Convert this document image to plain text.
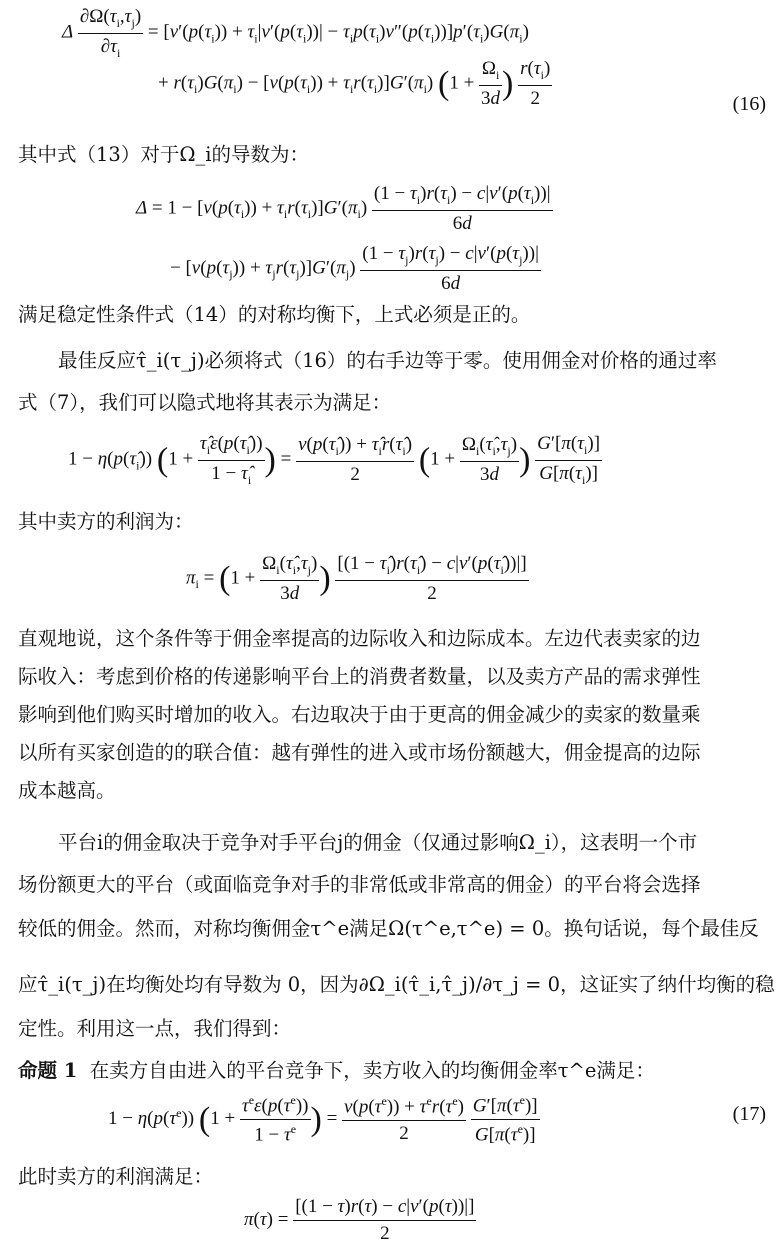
Δ $\frac{\partial\Omega(\tau_i,\tau_j)}{\partial\tau_i} = [v'(p(\tau_i)) + \tau_i|v'(p(\tau_i))| - \tau_ip(\tau_i)v''(p(\tau_i))]p'(\tau_i)G(\pi_i)$
+ $r(\tau_i)G(\pi_i) - [v(p(\tau_i)) + \tau_ir(\tau_i)]G'(\pi_i) (1 + \frac{\Omega_i}{3d}$ ) $\frac{r(\tau_i)}{2}$	(16)
其中式（13）对于Ω_i的导数为：
$\Delta = 1 - [v(p(\tau_i)) + \tau_ir(\tau_i)]G'(\pi_i) \frac{(1 - \tau_i)r(\tau_i) - c|v'(p(\tau_i))|}{6d}$
− $[v(p(\tau_j)) + \tau_jr(\tau_j)]G'(\pi_j) \frac{(1 - \tau_j)r(\tau_j) - c|v'(p(\tau_j))|}{6d}$
满足稳定性条件式（14）的对称均衡下，上式必须是正的。
最佳反应τ̂_i(τ_j)必须将式（16）的右手边等于零。使用佣金对价格的通过率
式（7），我们可以隐式地将其表示为满足：
$1 - \eta(p(\taû_i)) (1 + \frac{\taû_i\varepsilon(p(\taû_i))}{1 - \taû_i}$ ) = $\frac{v(p(\taû_i)) + \taû_ir(\taû_i)}{2} (1 + \frac{\Omega_i(\taû_i,\tau_j)}{3d}$ ) $\frac{G'[\pi(\tau_i)]}{G[\pi(\tau_i)]}$
其中卖方的利润为：
$\pi_i = (1 + \frac{\Omega_i(\taû_i,\tau_j)}{3d}$ ) $\frac{[(1 - \taû_i)r(\taû_i) - c|v'(p(\taû_i))|]}{2}$
直观地说，这个条件等于佣金率提高的边际收入和边际成本。左边代表卖家的边
际收入：考虑到价格的传递影响平台上的消费者数量，以及卖方产品的需求弹性
影响到他们购买时增加的收入。右边取决于由于更高的佣金减少的卖家的数量乘
以所有买家创造的的联合值：越有弹性的进入或市场份额越大，佣金提高的边际
成本越高。
平台i的佣金取决于竞争对手平台j的佣金（仅通过影响Ω_i），这表明一个市
场份额更大的平台（或面临竞争对手的非常低或非常高的佣金）的平台将会选择
较低的佣金。然而，对称均衡佣金τ^e满足Ω(τ^e,τ^e) = 0。换句话说，每个最佳反
应τ̂_i(τ_j)在均衡处均有导数为 0，因为∂Ω_i(τ̂_i,τ̂_j)/∂τ_j = 0，这证实了纳什均衡的稳
定性。利用这一点，我们得到：
命题 1 在卖方自由进入的平台竞争下，卖方收入的均衡佣金率τ^e满足：
$1 - \eta(p(\tau^e)) (1$ +
$\tau^e\varepsilon(p(\tau^e))$
$1 - \tau^e$ ) =
$v(p(\tau^e)) + \tau^er(\tau^e)$
2
	$\frac{G'[\pi(\tau^e)]}{G[\pi(\tau^e)]}$	(17)
此时卖方的利润满足：
$\pi(\tau) = \frac{[(1 - \tau)r(\tau) - c|v'(p(\tau))|]}{2}$
